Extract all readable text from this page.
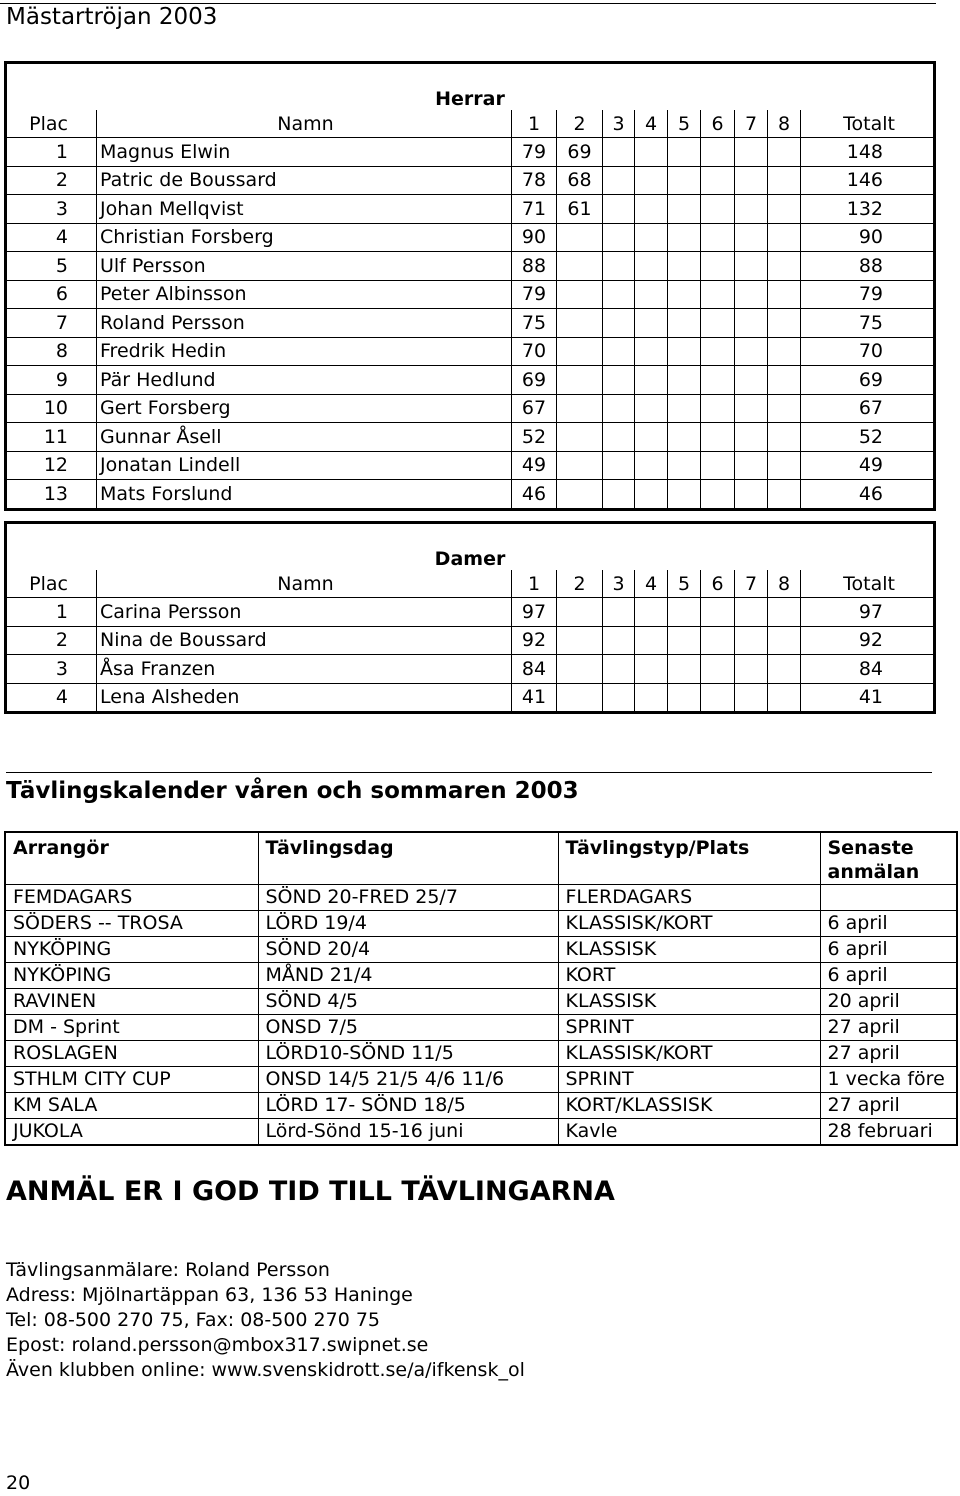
Mästartröjan 2003
Herrar										
Plac	Namn	1	2	3	4	5	6	7	8	Totalt
1	Magnus Elwin	79	69							148
2	Patric de Boussard	78	68							146
3	Johan Mellqvist	71	61							132
4	Christian Forsberg	90								90
5	Ulf Persson	88								88
6	Peter Albinsson	79								79
7	Roland Persson	75								75
8	Fredrik Hedin	70								70
9	Pär Hedlund	69								69
10	Gert Forsberg	67								67
11	Gunnar Åsell	52								52
12	Jonatan Lindell	49								49
13	Mats Forslund	46								46
Damer										
Plac	Namn	1	2	3	4	5	6	7	8	Totalt
1	Carina Persson	97								97
2	Nina de Boussard	92								92
3	Åsa Franzen	84								84
4	Lena Alsheden	41								41
Tävlingskalender våren och sommaren 2003
Arrangör	Tävlingsdag	Tävlingstyp/Plats	Senaste anmälan
FEMDAGARS	SÖND 20-FRED 25/7	FLERDAGARS	
SÖDERS -- TROSA	LÖRD 19/4	KLASSISK/KORT	6 april
NYKÖPING	SÖND 20/4	KLASSISK	6 april
NYKÖPING	MÅND 21/4	KORT	6 april
RAVINEN	SÖND 4/5	KLASSISK	20 april
DM - Sprint	ONSD 7/5	SPRINT	27 april
ROSLAGEN	LÖRD10-SÖND 11/5	KLASSISK/KORT	27 april
STHLM CITY CUP	ONSD 14/5 21/5 4/6 11/6	SPRINT	1 vecka före
KM SALA	LÖRD 17- SÖND 18/5	KORT/KLASSISK	27 april
JUKOLA	Lörd-Sönd 15-16 juni	Kavle	28 februari

ANMÄL ER I GOD TID TILL TÄVLINGARNA

Tävlingsanmälare: Roland Persson
Adress: Mjölnartäppan 63, 136 53 Haninge
Tel: 08-500 270 75, Fax: 08-500 270 75
Epost: roland.persson@mbox317.swipnet.se
Även klubben online: www.svenskidrott.se/a/ifkensk_ol
20
